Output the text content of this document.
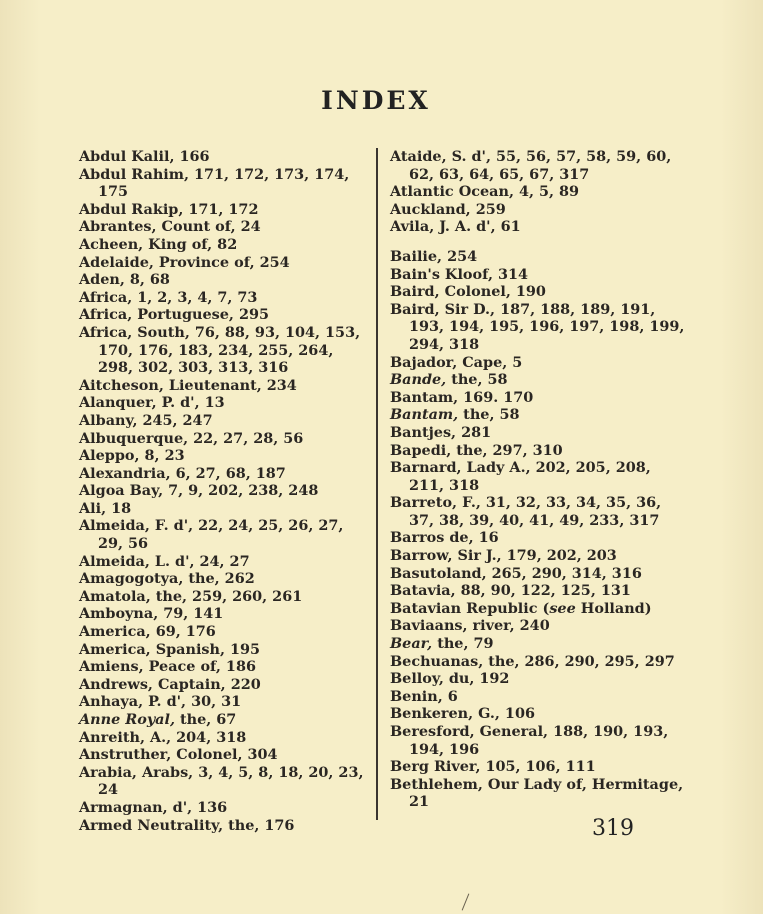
INDEX

Abdul Kalil, 166

Abdul Rahim, 171, 172, 173, 174, 175

Abdul Rakip, 171, 172

Abrantes, Count of, 24

Acheen, King of, 82

Adelaide, Province of, 254

Aden, 8, 68

Africa, 1, 2, 3, 4, 7, 73

Africa, Portuguese, 295

Africa, South, 76, 88, 93, 104, 153, 170, 176, 183, 234, 255, 264, 298, 302, 303, 313, 316

Aitcheson, Lieutenant, 234

Alanquer, P. d', 13

Albany, 245, 247

Albuquerque, 22, 27, 28, 56

Aleppo, 8, 23

Alexandria, 6, 27, 68, 187

Algoa Bay, 7, 9, 202, 238, 248

Ali, 18

Almeida, F. d', 22, 24, 25, 26, 27, 29, 56

Almeida, L. d', 24, 27

Amagogotya, the, 262

Amatola, the, 259, 260, 261

Amboyna, 79, 141

America, 69, 176

America, Spanish, 195

Amiens, Peace of, 186

Andrews, Captain, 220

Anhaya, P. d', 30, 31

Anne Royal, the, 67

Anreith, A., 204, 318

Anstruther, Colonel, 304

Arabia, Arabs, 3, 4, 5, 8, 18, 20, 23, 24

Armagnan, d', 136

Armed Neutrality, the, 176

Ataide, S. d', 55, 56, 57, 58, 59, 60, 62, 63, 64, 65, 67, 317

Atlantic Ocean, 4, 5, 89

Auckland, 259

Avila, J. A. d', 61

Bailie, 254

Bain's Kloof, 314

Baird, Colonel, 190

Baird, Sir D., 187, 188, 189, 191, 193, 194, 195, 196, 197, 198, 199, 294, 318

Bajador, Cape, 5

Bande, the, 58

Bantam, 169. 170

Bantam, the, 58

Bantjes, 281

Bapedi, the, 297, 310

Barnard, Lady A., 202, 205, 208, 211, 318

Barreto, F., 31, 32, 33, 34, 35, 36, 37, 38, 39, 40, 41, 49, 233, 317

Barros de, 16

Barrow, Sir J., 179, 202, 203

Basutoland, 265, 290, 314, 316

Batavia, 88, 90, 122, 125, 131

Batavian Republic (see Holland)

Baviaans, river, 240

Bear, the, 79

Bechuanas, the, 286, 290, 295, 297

Belloy, du, 192

Benin, 6

Benkeren, G., 106

Beresford, General, 188, 190, 193, 194, 196

Berg River, 105, 106, 111

Bethlehem, Our Lady of, Hermitage, 21

319
